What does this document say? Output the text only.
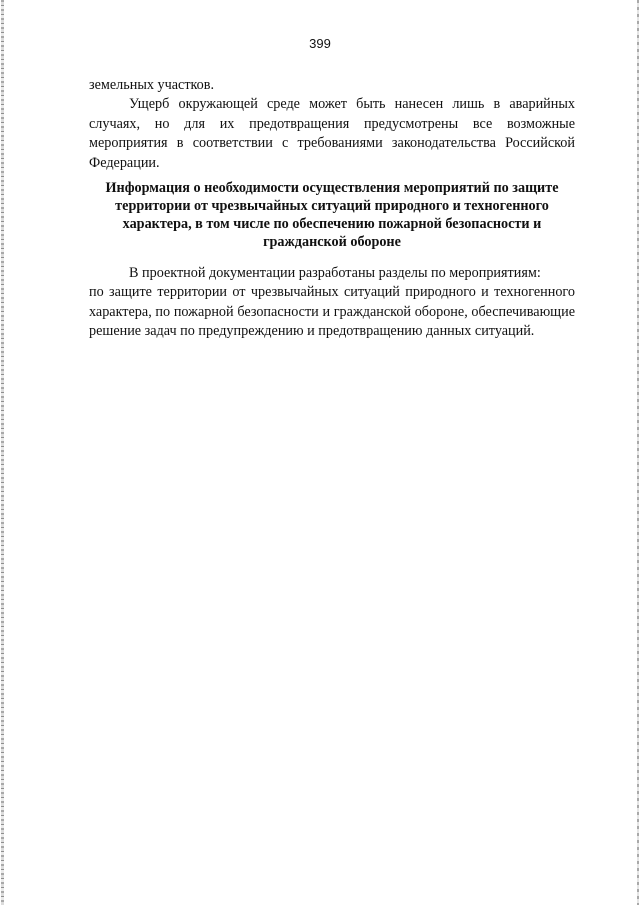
399

земельных участков.

Ущерб окружающей среде может быть нанесен лишь в аварийных случаях, но для их предотвращения предусмотрены все возможные мероприятия в соответствии с требованиями законодательства Российской Федерации.

Информация о необходимости осуществления мероприятий по защите территории от чрезвычайных ситуаций природного и техногенного характера, в том числе по обеспечению пожарной безопасности и гражданской обороне

В проектной документации разработаны разделы по мероприятиям:

по защите территории от чрезвычайных ситуаций природного и техногенного характера, по пожарной безопасности и гражданской обороне, обеспечивающие решение задач по предупреждению и предотвращению данных ситуаций.
